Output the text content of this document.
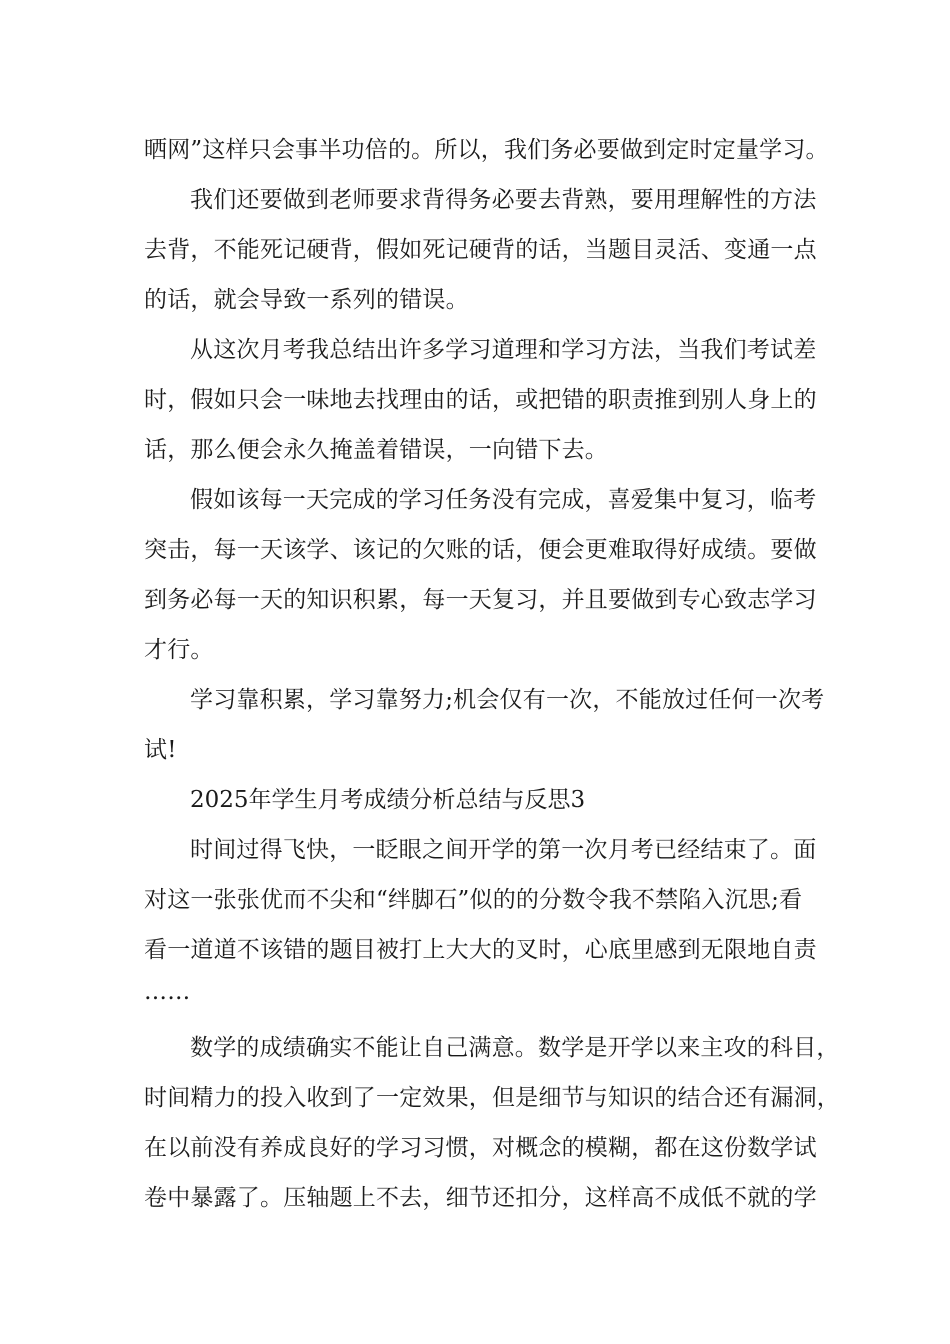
晒网”这样只会事半功倍的。所以，我们务必要做到定时定量学习。
我们还要做到老师要求背得务必要去背熟，要用理解性的方法
去背，不能死记硬背，假如死记硬背的话，当题目灵活、变通一点
的话，就会导致一系列的错误。
从这次月考我总结出许多学习道理和学习方法，当我们考试差
时，假如只会一味地去找理由的话，或把错的职责推到别人身上的
话，那么便会永久掩盖着错误，一向错下去。
假如该每一天完成的学习任务没有完成，喜爱集中复习，临考
突击，每一天该学、该记的欠账的话，便会更难取得好成绩。要做
到务必每一天的知识积累，每一天复习，并且要做到专心致志学习
才行。
学习靠积累，学习靠努力;机会仅有一次，不能放过任何一次考
试!
2025年学生月考成绩分析总结与反思3
时间过得飞快，一眨眼之间开学的第一次月考已经结束了。面
对这一张张优而不尖和“绊脚石”似的的分数令我不禁陷入沉思;看
看一道道不该错的题目被打上大大的叉时，心底里感到无限地自责
……
数学的成绩确实不能让自己满意。数学是开学以来主攻的科目，
时间精力的投入收到了一定效果，但是细节与知识的结合还有漏洞，
在以前没有养成良好的学习习惯，对概念的模糊，都在这份数学试
卷中暴露了。压轴题上不去，细节还扣分，这样高不成低不就的学
